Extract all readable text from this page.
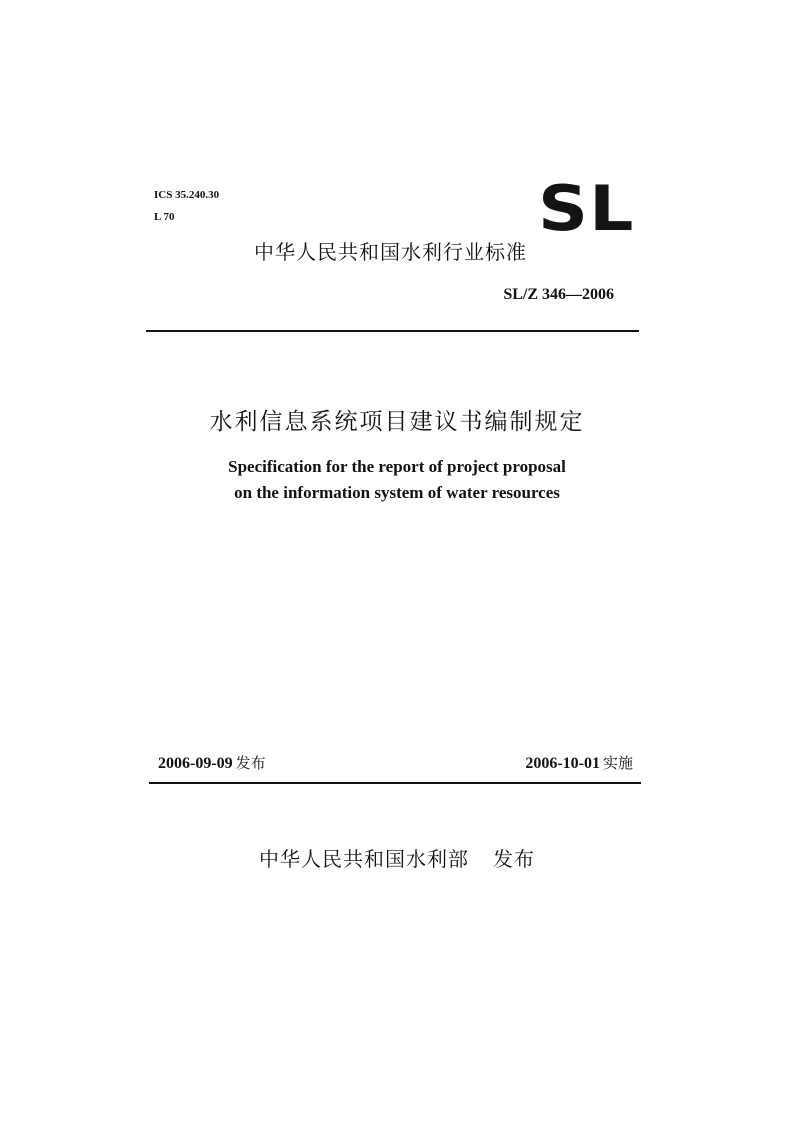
ICS 35.240.30

L 70	SL

中华人民共和国水利行业标准

SL/Z 346—2006

水利信息系统项目建议书编制规定
Specification for the report of project proposal
on the information system of water resources
2006-09-09 发布	2006-10-01 实施

中华人民共和国水利部 发布
